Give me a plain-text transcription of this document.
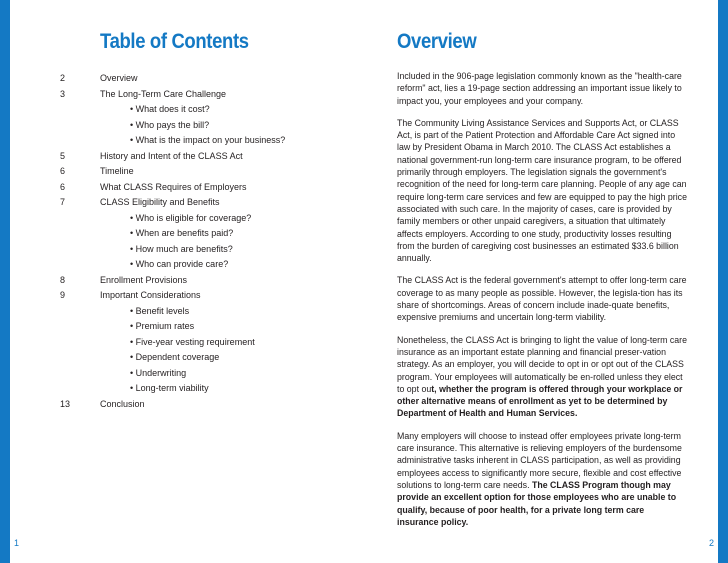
Table of Contents
2	Overview
3	The Long-Term Care Challenge
• What does it cost?
• Who pays the bill?
• What is the impact on your business?
5	History and Intent of the CLASS Act
6	Timeline
6	What CLASS Requires of Employers
7	CLASS Eligibility and Benefits
• Who is eligible for coverage?
• When are benefits paid?
• How much are benefits?
• Who can provide care?
8	Enrollment Provisions
9	Important Considerations
• Benefit levels
• Premium rates
• Five-year vesting requirement
• Dependent coverage
• Underwriting
• Long-term viability
13	Conclusion
Overview

Included in the 906-page legislation commonly known as the "health-care reform" act, lies a 19-page section addressing an important issue likely to impact you, your employees and your company.

The Community Living Assistance Services and Supports Act, or CLASS Act, is part of the Patient Protection and Affordable Care Act signed into law by President Obama in March 2010. The CLASS Act establishes a national government-run long-term care insurance program, to be offered primarily through employers. The legislation signals the government's recognition of the need for long-term care planning. People of any age can require long-term care services and few are equipped to pay the high price associated with such care. In the majority of cases, care is provided by family members or other unpaid caregivers, a situation that ultimately affects employers. According to one study, productivity losses resulting from the burden of caregiving cost businesses an estimated $33.6 billion annually.

The CLASS Act is the federal government's attempt to offer long-term care coverage to as many people as possible. However, the legisla-tion has its share of shortcomings. Areas of concern include inade-quate benefits, expensive premiums and uncertain long-term viability.

Nonetheless, the CLASS Act is bringing to light the value of long-term care insurance as an important estate planning and financial preser-vation strategy. As an employer, you will decide to opt in or opt out of the CLASS program. Your employees will automatically be en-rolled unless they elect to opt out, whether the program is offered through your workplace or other alternative means of enrollment as yet to be determined by Department of Health and Human Services.

Many employers will choose to instead offer employees private long-term care insurance. This alternative is relieving employers of the burdensome administrative tasks inherent in CLASS participation, as well as providing employees access to significantly more secure, flexible and cost effective solutions to long-term care needs. The CLASS Program though may provide an excellent option for those employees who are unable to qualify, because of poor health, for a private long term care insurance policy.

1	2
